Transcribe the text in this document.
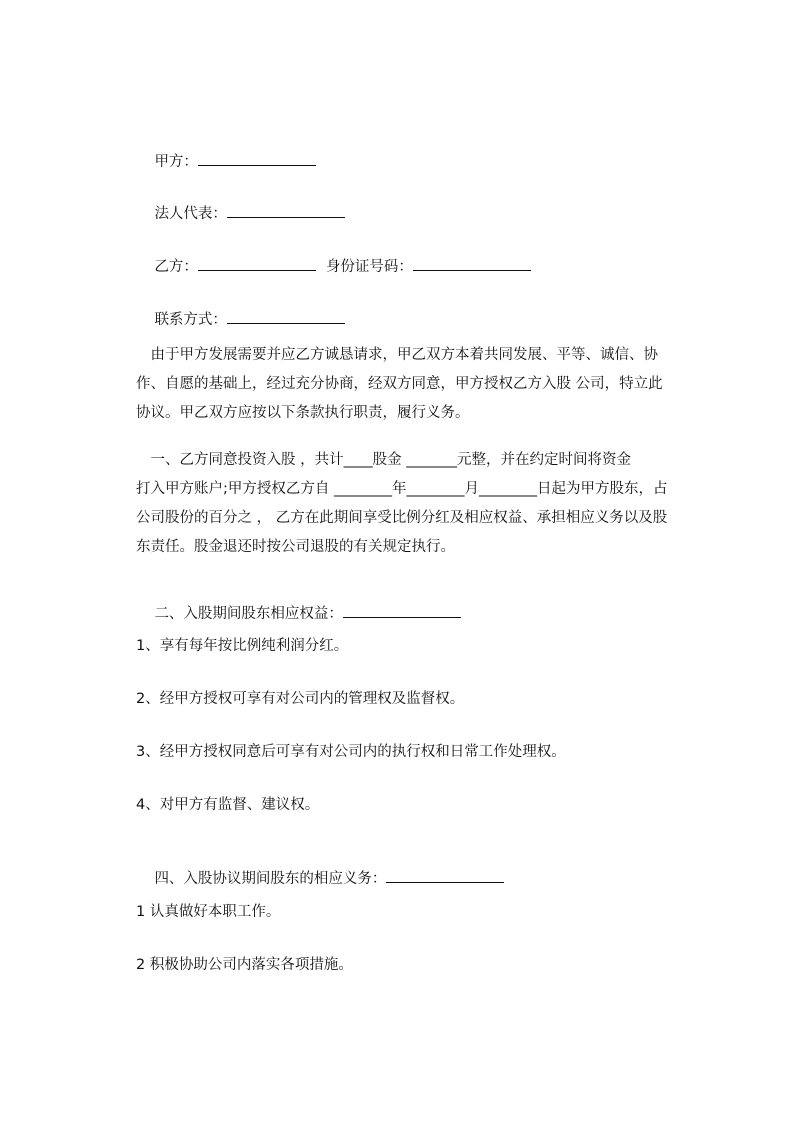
甲方：

法人代表：

乙方：	身份证号码：

联系方式：

　由于甲方发展需要并应乙方诚恳请求，甲乙双方本着共同发展、平等、诚信、协
作、自愿的基础上，经过充分协商，经双方同意，甲方授权乙方入股 公司，特立此
协议。甲乙双方应按以下条款执行职责，履行义务。
　一、乙方同意投资入股 ，共计____股金 _______元整，并在约定时间将资金
打入甲方账户;甲方授权乙方自 ________年________月________日起为甲方股东，占
公司股份的百分之 ， 乙方在此期间享受比例分红及相应权益、承担相应义务以及股
东责任。股金退还时按公司退股的有关规定执行。

二、入股期间股东相应权益：

1、享有每年按比例纯利润分红。
2、经甲方授权可享有对公司内的管理权及监督权。
3、经甲方授权同意后可享有对公司内的执行权和日常工作处理权。
4、对甲方有监督、建议权。

四、入股协议期间股东的相应义务：

1 认真做好本职工作。
2 积极协助公司内落实各项措施。
